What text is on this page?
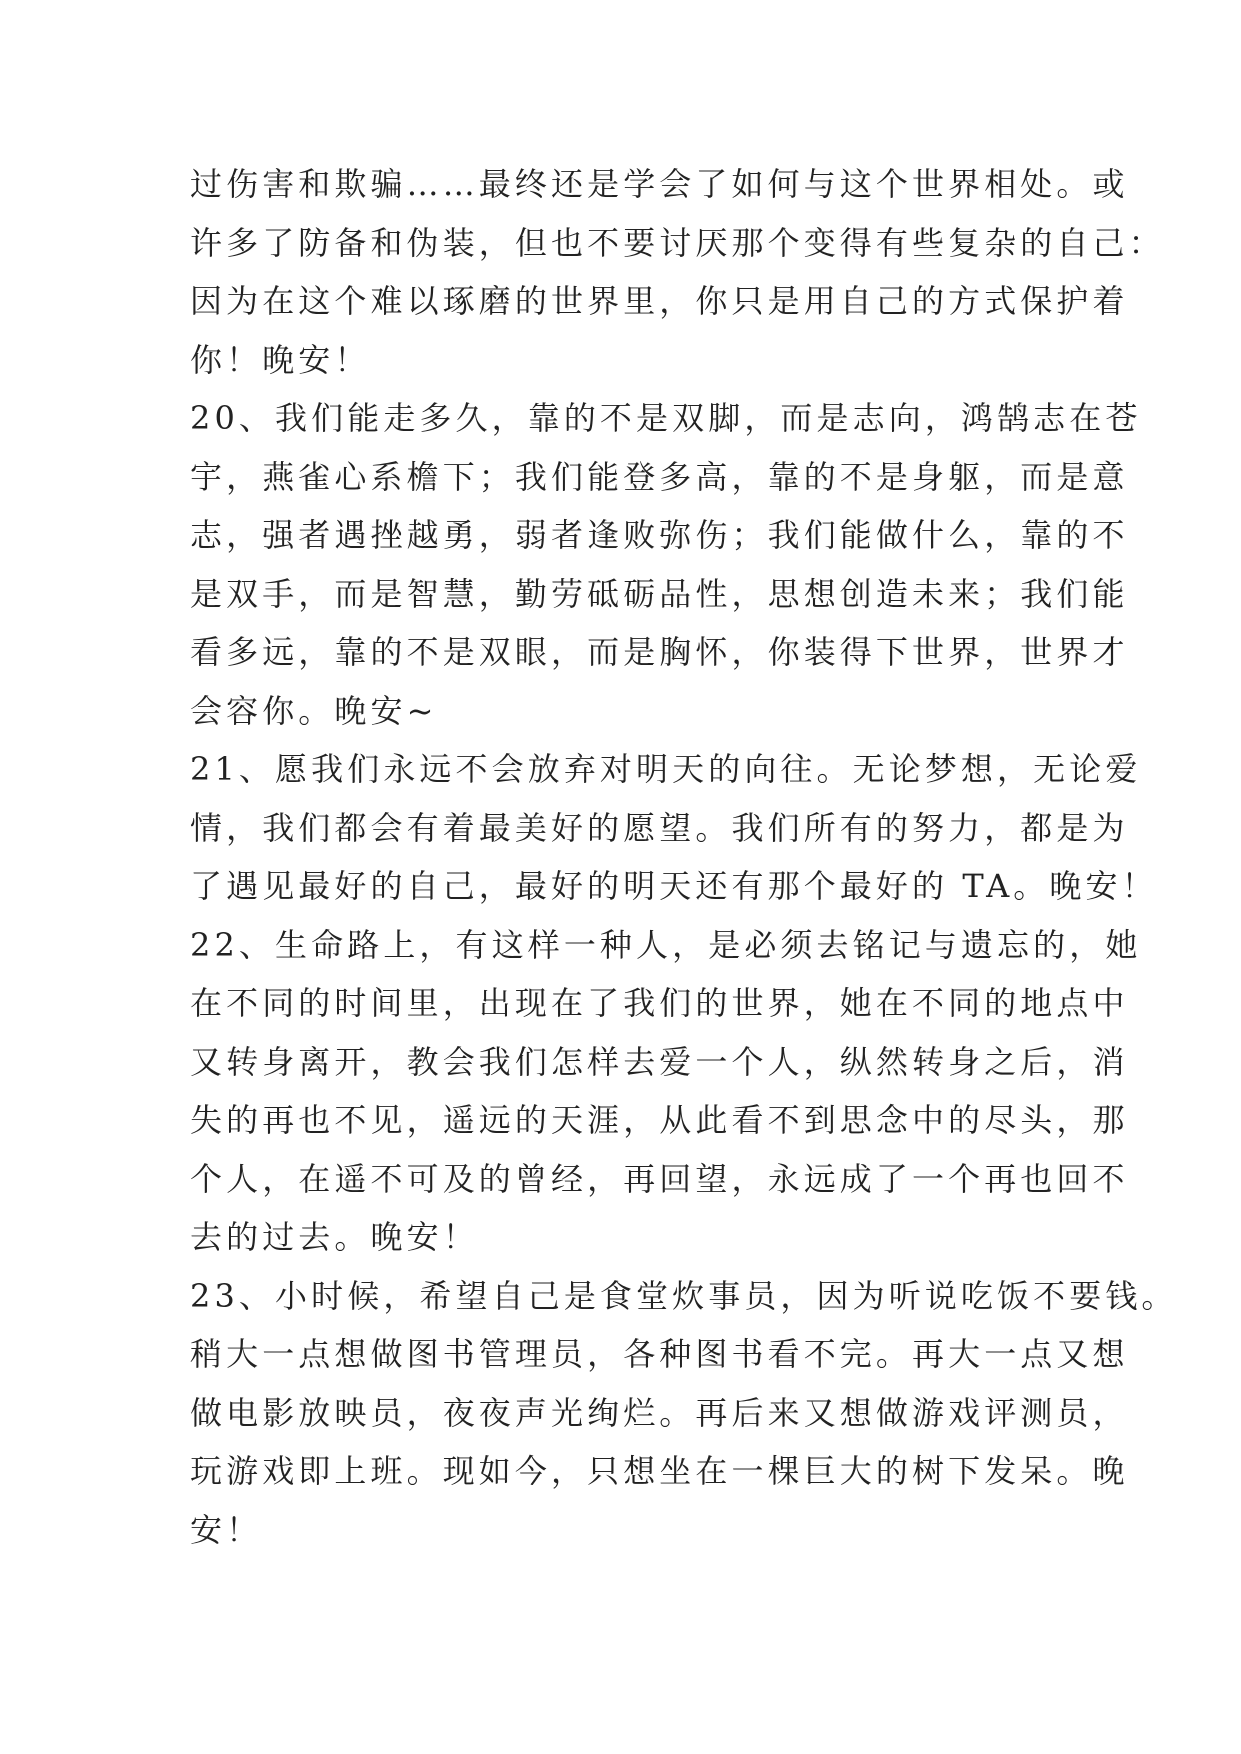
过伤害和欺骗……最终还是学会了如何与这个世界相处。或
许多了防备和伪装，但也不要讨厌那个变得有些复杂的自己：
因为在这个难以琢磨的世界里，你只是用自己的方式保护着
你！晚安！
20、我们能走多久，靠的不是双脚，而是志向，鸿鹄志在苍
宇，燕雀心系檐下；我们能登多高，靠的不是身躯，而是意
志，强者遇挫越勇，弱者逢败弥伤；我们能做什么，靠的不
是双手，而是智慧，勤劳砥砺品性，思想创造未来；我们能
看多远，靠的不是双眼，而是胸怀，你装得下世界，世界才
会容你。晚安~
21、愿我们永远不会放弃对明天的向往。无论梦想，无论爱
情，我们都会有着最美好的愿望。我们所有的努力，都是为
了遇见最好的自己，最好的明天还有那个最好的 TA。晚安！
22、生命路上，有这样一种人，是必须去铭记与遗忘的，她
在不同的时间里，出现在了我们的世界，她在不同的地点中
又转身离开，教会我们怎样去爱一个人，纵然转身之后，消
失的再也不见，遥远的天涯，从此看不到思念中的尽头，那
个人，在遥不可及的曾经，再回望，永远成了一个再也回不
去的过去。晚安！
23、小时候，希望自己是食堂炊事员，因为听说吃饭不要钱。
稍大一点想做图书管理员，各种图书看不完。再大一点又想
做电影放映员，夜夜声光绚烂。再后来又想做游戏评测员，
玩游戏即上班。现如今，只想坐在一棵巨大的树下发呆。晚
安！
